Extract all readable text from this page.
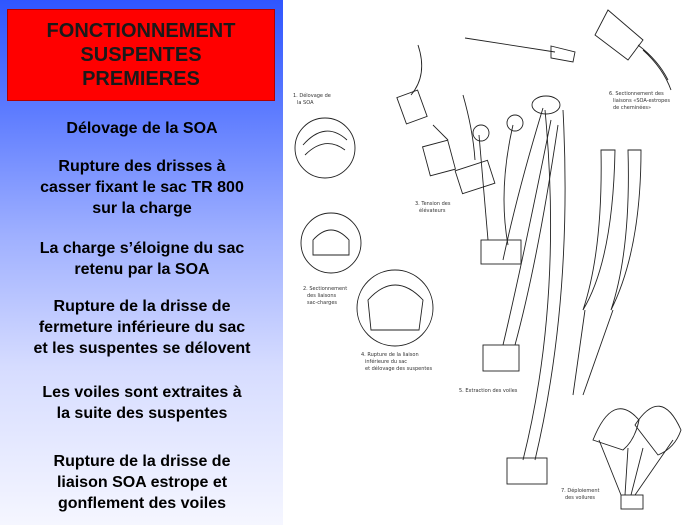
FONCTIONNEMENT
SUSPENTES
PREMIERES
Délovage de la SOA
Rupture des drisses à
casser fixant le sac TR 800
sur la charge
La charge s’éloigne du sac
retenu par la SOA
Rupture de la drisse de
fermeture inférieure du sac
et les suspentes se délovent
Les voiles sont extraites à
la suite des suspentes
Rupture de la drisse de
liaison SOA estrope et
gonflement des voiles
1. Délovage de
la SOA
2. Sectionnement
des liaisons
sac-charges
3. Tension des
élévateurs
4. Rupture de la liaison
inférieure du sac
et délovage des suspentes
5. Extraction des voiles
6. Sectionnement des
liaisons «SOA-estropes
de cheminées»
7. Déploiement
des voilures
